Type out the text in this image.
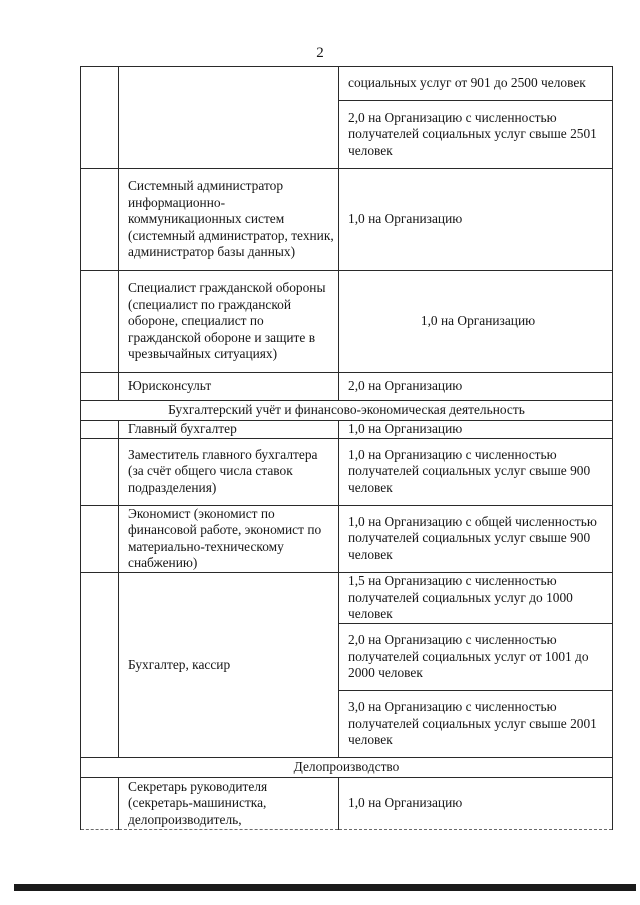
2
		социальных услуг от 901 до 2500 человек
		2,0 на Организацию с численностью получателей социальных услуг свыше 2501 человек
	Системный администратор информационно-коммуникационных систем (системный администратор, техник, администратор базы данных)	1,0 на Организацию
	Специалист гражданской обороны (специалист по гражданской обороне, специалист по гражданской обороне и защите в чрезвычайных ситуациях)	1,0 на Организацию
	Юрисконсульт	2,0 на Организацию
Бухгалтерский учёт и финансово-экономическая деятельность		
	Главный бухгалтер	1,0 на Организацию
	Заместитель главного бухгалтера (за счёт общего числа ставок подразделения)	1,0 на Организацию с численностью получателей социальных услуг свыше 900 человек
	Экономист (экономист по финансовой работе, экономист по материально-техническому снабжению)	1,0 на Организацию с общей численностью получателей социальных услуг свыше 900 человек
	Бухгалтер, кассир	1,5 на Организацию с численностью получателей социальных услуг до 1000 человек
		2,0 на Организацию с численностью получателей социальных услуг от 1001 до 2000 человек
		3,0 на Организацию с численностью получателей социальных услуг свыше 2001 человек
Делопроизводство		
	Секретарь руководителя (секретарь-машинистка, делопроизводитель,	1,0 на Организацию
